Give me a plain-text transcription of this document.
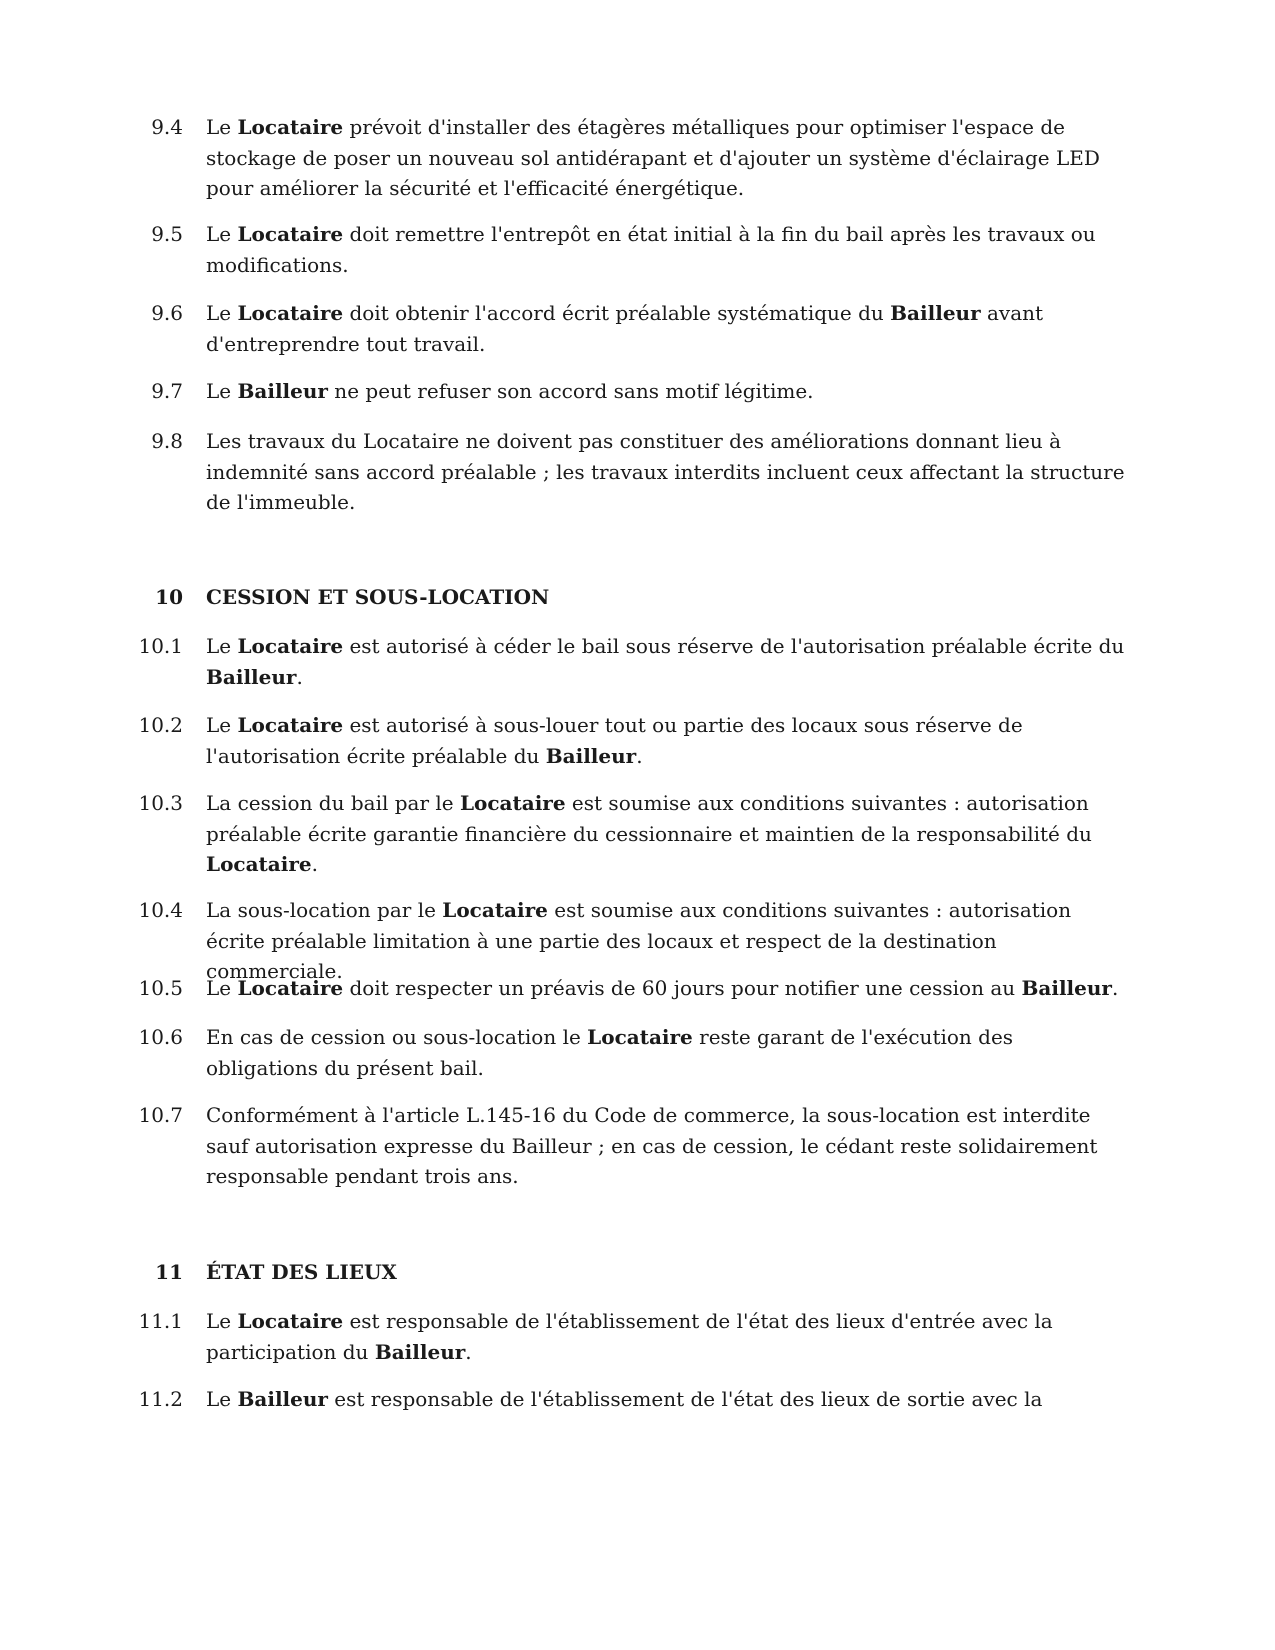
9.4 Le Locataire prévoit d'installer des étagères métalliques pour optimiser l'espace de stockage de poser un nouveau sol antidérapant et d'ajouter un système d'éclairage LED pour améliorer la sécurité et l'efficacité énergétique.
9.5 Le Locataire doit remettre l'entrepôt en état initial à la fin du bail après les travaux ou modifications.
9.6 Le Locataire doit obtenir l'accord écrit préalable systématique du Bailleur avant d'entreprendre tout travail.
9.7 Le Bailleur ne peut refuser son accord sans motif légitime.
9.8 Les travaux du Locataire ne doivent pas constituer des améliorations donnant lieu à indemnité sans accord préalable ; les travaux interdits incluent ceux affectant la structure de l'immeuble.
10 CESSION ET SOUS-LOCATION
10.1 Le Locataire est autorisé à céder le bail sous réserve de l'autorisation préalable écrite du Bailleur.
10.2 Le Locataire est autorisé à sous-louer tout ou partie des locaux sous réserve de l'autorisation écrite préalable du Bailleur.
10.3 La cession du bail par le Locataire est soumise aux conditions suivantes : autorisation préalable écrite garantie financière du cessionnaire et maintien de la responsabilité du Locataire.
10.4 La sous-location par le Locataire est soumise aux conditions suivantes : autorisation écrite préalable limitation à une partie des locaux et respect de la destination commerciale.
10.5 Le Locataire doit respecter un préavis de 60 jours pour notifier une cession au Bailleur.
10.6 En cas de cession ou sous-location le Locataire reste garant de l'exécution des obligations du présent bail.
10.7 Conformément à l'article L.145-16 du Code de commerce, la sous-location est interdite sauf autorisation expresse du Bailleur ; en cas de cession, le cédant reste solidairement responsable pendant trois ans.
11 ÉTAT DES LIEUX
11.1 Le Locataire est responsable de l'établissement de l'état des lieux d'entrée avec la participation du Bailleur.
11.2 Le Bailleur est responsable de l'établissement de l'état des lieux de sortie avec la
